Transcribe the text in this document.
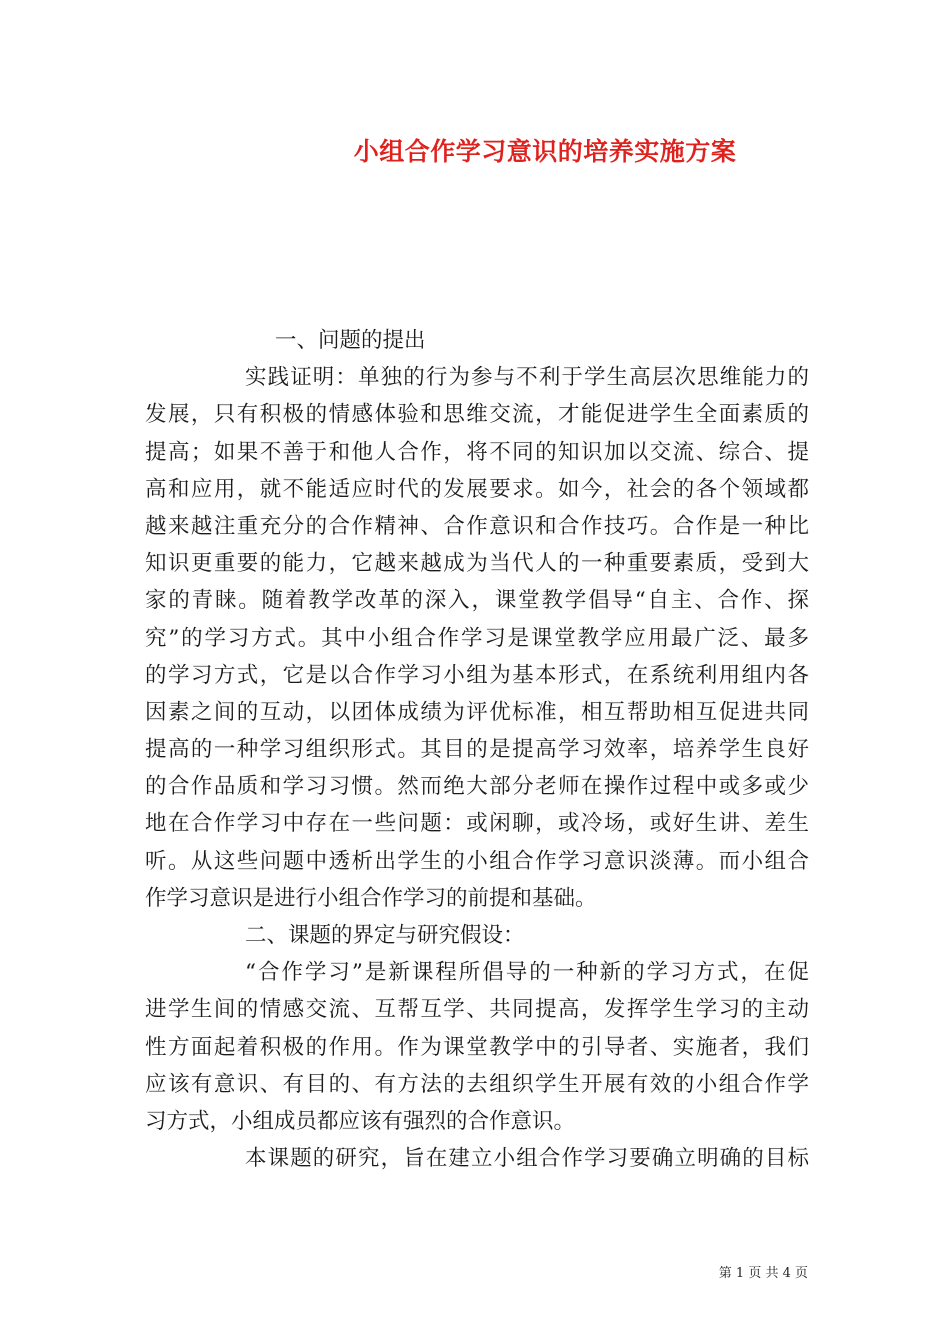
小组合作学习意识的培养实施方案
一、问题的提出
实践证明：单独的行为参与不利于学生高层次思维能力的
发展，只有积极的情感体验和思维交流，才能促进学生全面素质的
提高；如果不善于和他人合作，将不同的知识加以交流、综合、提
高和应用，就不能适应时代的发展要求。如今，社会的各个领域都
越来越注重充分的合作精神、合作意识和合作技巧。合作是一种比
知识更重要的能力，它越来越成为当代人的一种重要素质，受到大
家的青睐。随着教学改革的深入，课堂教学倡导“自主、合作、探
究”的学习方式。其中小组合作学习是课堂教学应用最广泛、最多
的学习方式，它是以合作学习小组为基本形式，在系统利用组内各
因素之间的互动，以团体成绩为评优标准，相互帮助相互促进共同
提高的一种学习组织形式。其目的是提高学习效率，培养学生良好
的合作品质和学习习惯。然而绝大部分老师在操作过程中或多或少
地在合作学习中存在一些问题：或闲聊，或冷场，或好生讲、差生
听。从这些问题中透析出学生的小组合作学习意识淡薄。而小组合
作学习意识是进行小组合作学习的前提和基础。
二、课题的界定与研究假设：
“合作学习”是新课程所倡导的一种新的学习方式，在促
进学生间的情感交流、互帮互学、共同提高，发挥学生学习的主动
性方面起着积极的作用。作为课堂教学中的引导者、实施者，我们
应该有意识、有目的、有方法的去组织学生开展有效的小组合作学
习方式，小组成员都应该有强烈的合作意识。
本课题的研究，旨在建立小组合作学习要确立明确的目标
第 1 页 共 4 页
